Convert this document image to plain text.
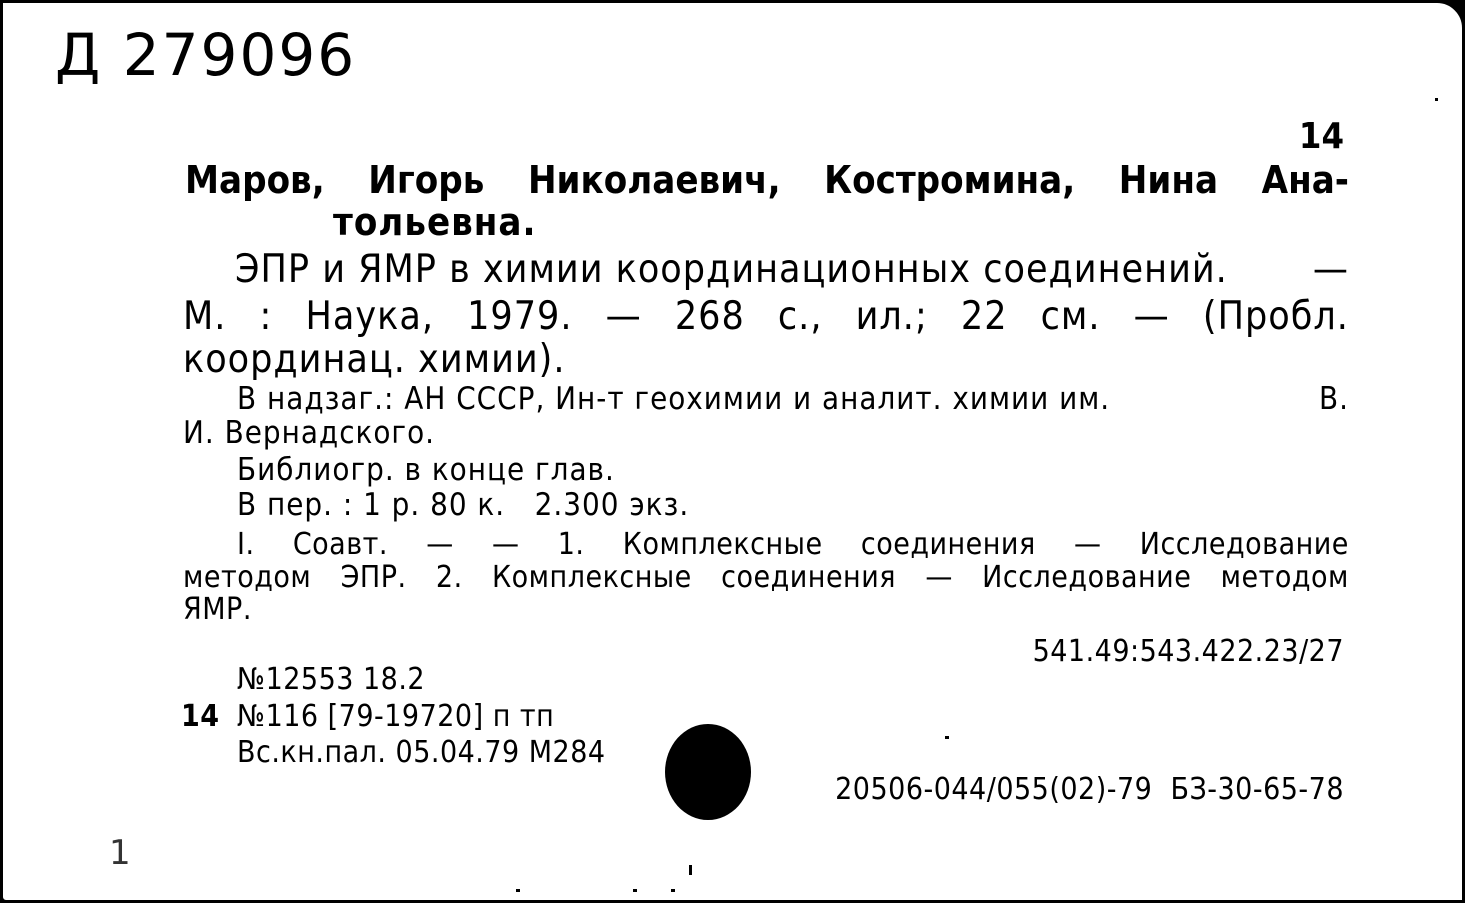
Д 279096
14
Маров, Игорь Николаевич, Костромина, Нина Ана-
тольевна.
ЭПР и ЯМР в химии координационных соединений. —
М. : Наука, 1979. — 268 с., ил.; 22 см. — (Пробл.
координац. химии).
В надзаг.: АН СССР, Ин-т геохимии и аналит. химии им.	В.
И. Вернадского.
Библиогр. в конце глав.
В пер. : 1 р. 80 к.   2.300 экз.
I. Соавт. — — 1. Комплексные соединения — Исследование
методом ЭПР. 2. Комплексные соединения — Исследование методом
ЯМР.
541.49:543.422.23/27
№12553 18.2
14 №116 [79-19720] п тп
Вс.кн.пал. 05.04.79 М284
20506-044/055(02)-79  БЗ-30-65-78
1
